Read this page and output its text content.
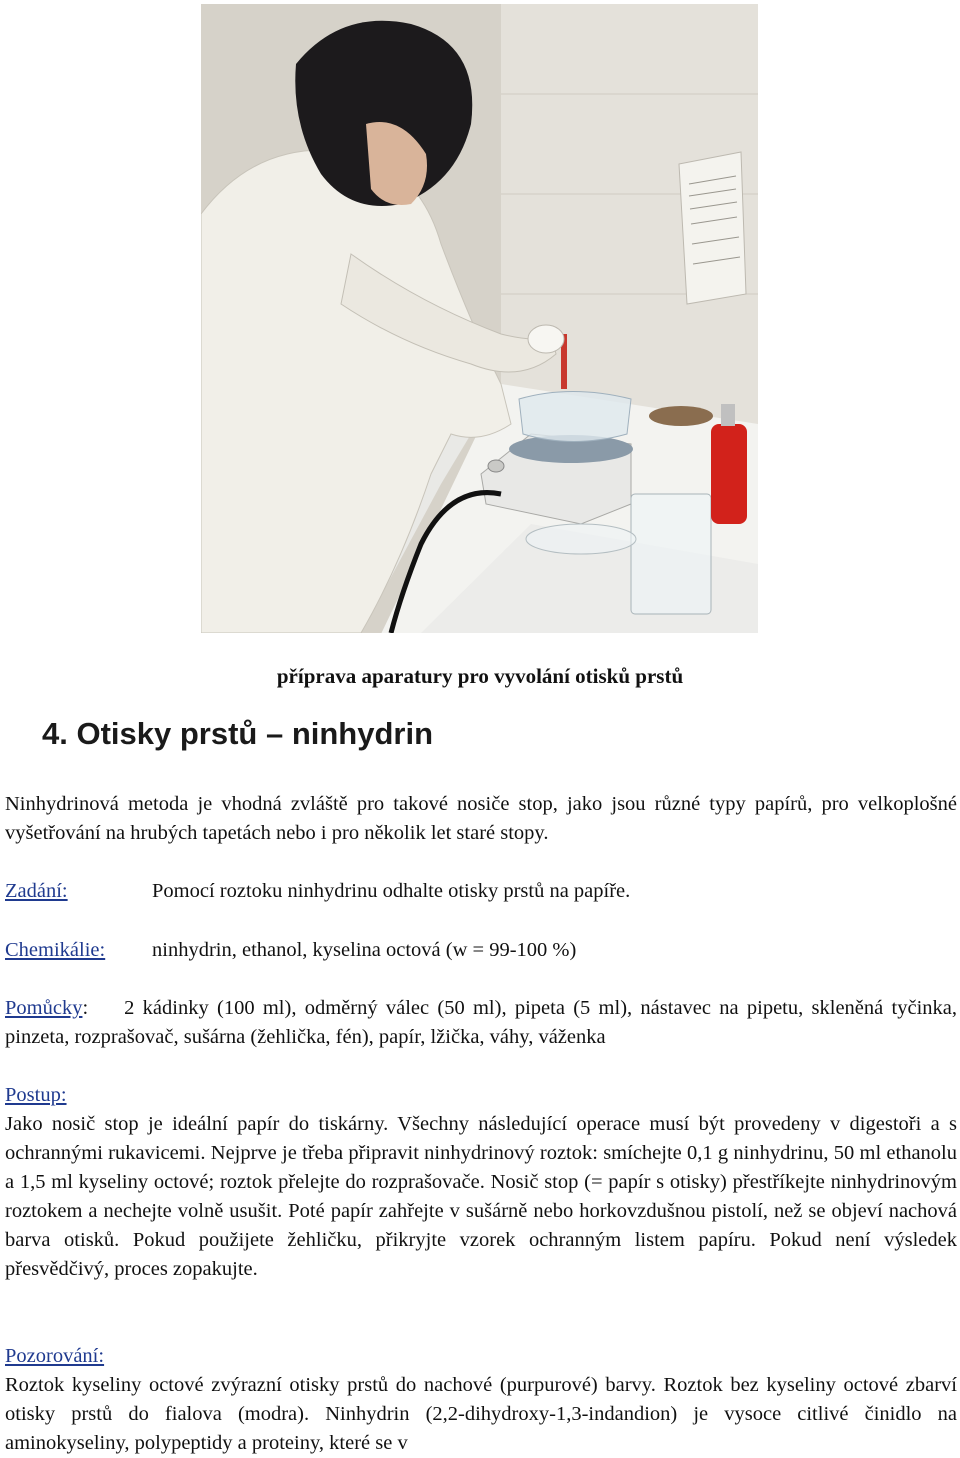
příprava aparatury pro vyvolání otisků prstů
4. Otisky prstů – ninhydrin
Ninhydrinová metoda je vhodná zvláště pro takové nosiče stop, jako jsou různé typy papírů, pro velkoplošné vyšetřování na hrubých tapetách nebo i pro několik let staré stopy.
Zadání:	Pomocí roztoku ninhydrinu odhalte otisky prstů na papíře.
Chemikálie: ninhydrin, ethanol, kyselina octová (w = 99-100 %)
Pomůcky: 2 kádinky (100 ml), odměrný válec (50 ml), pipeta (5 ml), nástavec na pipetu, skleněná tyčinka, pinzeta, rozprašovač, sušárna (žehlička, fén), papír, lžička, váhy, váženka
Postup:
Jako nosič stop je ideální papír do tiskárny. Všechny následující operace musí být provedeny v digestoři a s ochrannými rukavicemi. Nejprve je třeba připravit ninhydrinový roztok: smíchejte 0,1 g ninhydrinu, 50 ml ethanolu a 1,5 ml kyseliny octové; roztok přelejte do rozprašovače. Nosič stop (= papír s otisky) přestříkejte ninhydrinovým roztokem a nechejte volně usušit. Poté papír zahřejte v sušárně nebo horkovzdušnou pistolí, než se objeví nachová barva otisků. Pokud použijete žehličku, přikryjte vzorek ochranným listem papíru. Pokud není výsledek přesvědčivý, proces zopakujte.
Pozorování:
Roztok kyseliny octové zvýrazní otisky prstů do nachové (purpurové) barvy. Roztok bez kyseliny octové zbarví otisky prstů do fialova (modra). Ninhydrin (2,2-dihydroxy-1,3-indandion) je vysoce citlivé činidlo na aminokyseliny, polypeptidy a proteiny, které se v
